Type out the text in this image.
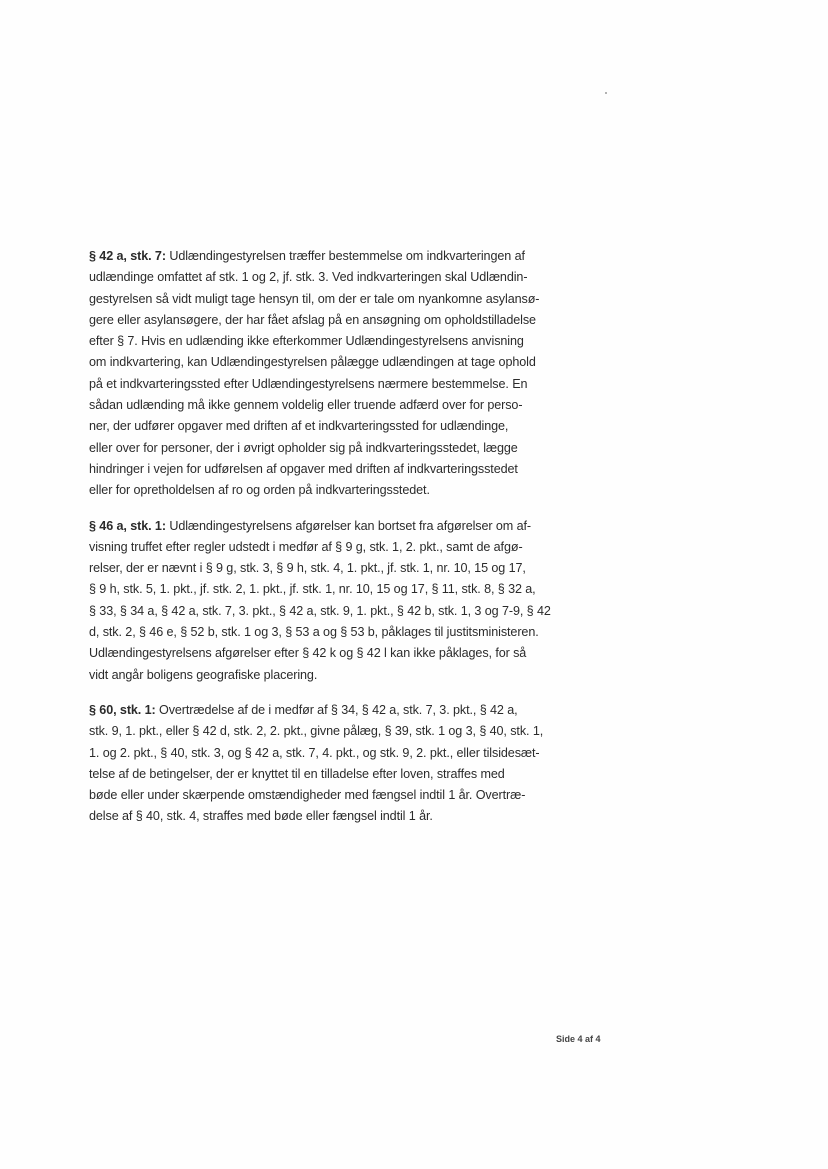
§ 42 a, stk. 7: Udlændingestyrelsen træffer bestemmelse om indkvarteringen af
udlændinge omfattet af stk. 1 og 2, jf. stk. 3. Ved indkvarteringen skal Udlændin-
gestyrelsen så vidt muligt tage hensyn til, om der er tale om nyankomne asylansø-
gere eller asylansøgere, der har fået afslag på en ansøgning om opholdstilladelse
efter § 7. Hvis en udlænding ikke efterkommer Udlændingestyrelsens anvisning
om indkvartering, kan Udlændingestyrelsen pålægge udlændingen at tage ophold
på et indkvarteringssted efter Udlændingestyrelsens nærmere bestemmelse. En
sådan udlænding må ikke gennem voldelig eller truende adfærd over for perso-
ner, der udfører opgaver med driften af et indkvarteringssted for udlændinge,
eller over for personer, der i øvrigt opholder sig på indkvarteringsstedet, lægge
hindringer i vejen for udførelsen af opgaver med driften af indkvarteringsstedet
eller for opretholdelsen af ro og orden på indkvarteringsstedet.

§ 46 a, stk. 1: Udlændingestyrelsens afgørelser kan bortset fra afgørelser om af-
visning truffet efter regler udstedt i medfør af § 9 g, stk. 1, 2. pkt., samt de afgø-
relser, der er nævnt i § 9 g, stk. 3, § 9 h, stk. 4, 1. pkt., jf. stk. 1, nr. 10, 15 og 17,
§ 9 h, stk. 5, 1. pkt., jf. stk. 2, 1. pkt., jf. stk. 1, nr. 10, 15 og 17, § 11, stk. 8, § 32 a,
§ 33, § 34 a, § 42 a, stk. 7, 3. pkt., § 42 a, stk. 9, 1. pkt., § 42 b, stk. 1, 3 og 7-9, § 42
d, stk. 2, § 46 e, § 52 b, stk. 1 og 3, § 53 a og § 53 b, påklages til justitsministeren.
Udlændingestyrelsens afgørelser efter § 42 k og § 42 l kan ikke påklages, for så
vidt angår boligens geografiske placering.

§ 60, stk. 1: Overtrædelse af de i medfør af § 34, § 42 a, stk. 7, 3. pkt., § 42 a,
stk. 9, 1. pkt., eller § 42 d, stk. 2, 2. pkt., givne pålæg, § 39, stk. 1 og 3, § 40, stk. 1,
1. og 2. pkt., § 40, stk. 3, og § 42 a, stk. 7, 4. pkt., og stk. 9, 2. pkt., eller tilsidesæt-
telse af de betingelser, der er knyttet til en tilladelse efter loven, straffes med
bøde eller under skærpende omstændigheder med fængsel indtil 1 år. Overtræ-
delse af § 40, stk. 4, straffes med bøde eller fængsel indtil 1 år.

Side 4 af 4
